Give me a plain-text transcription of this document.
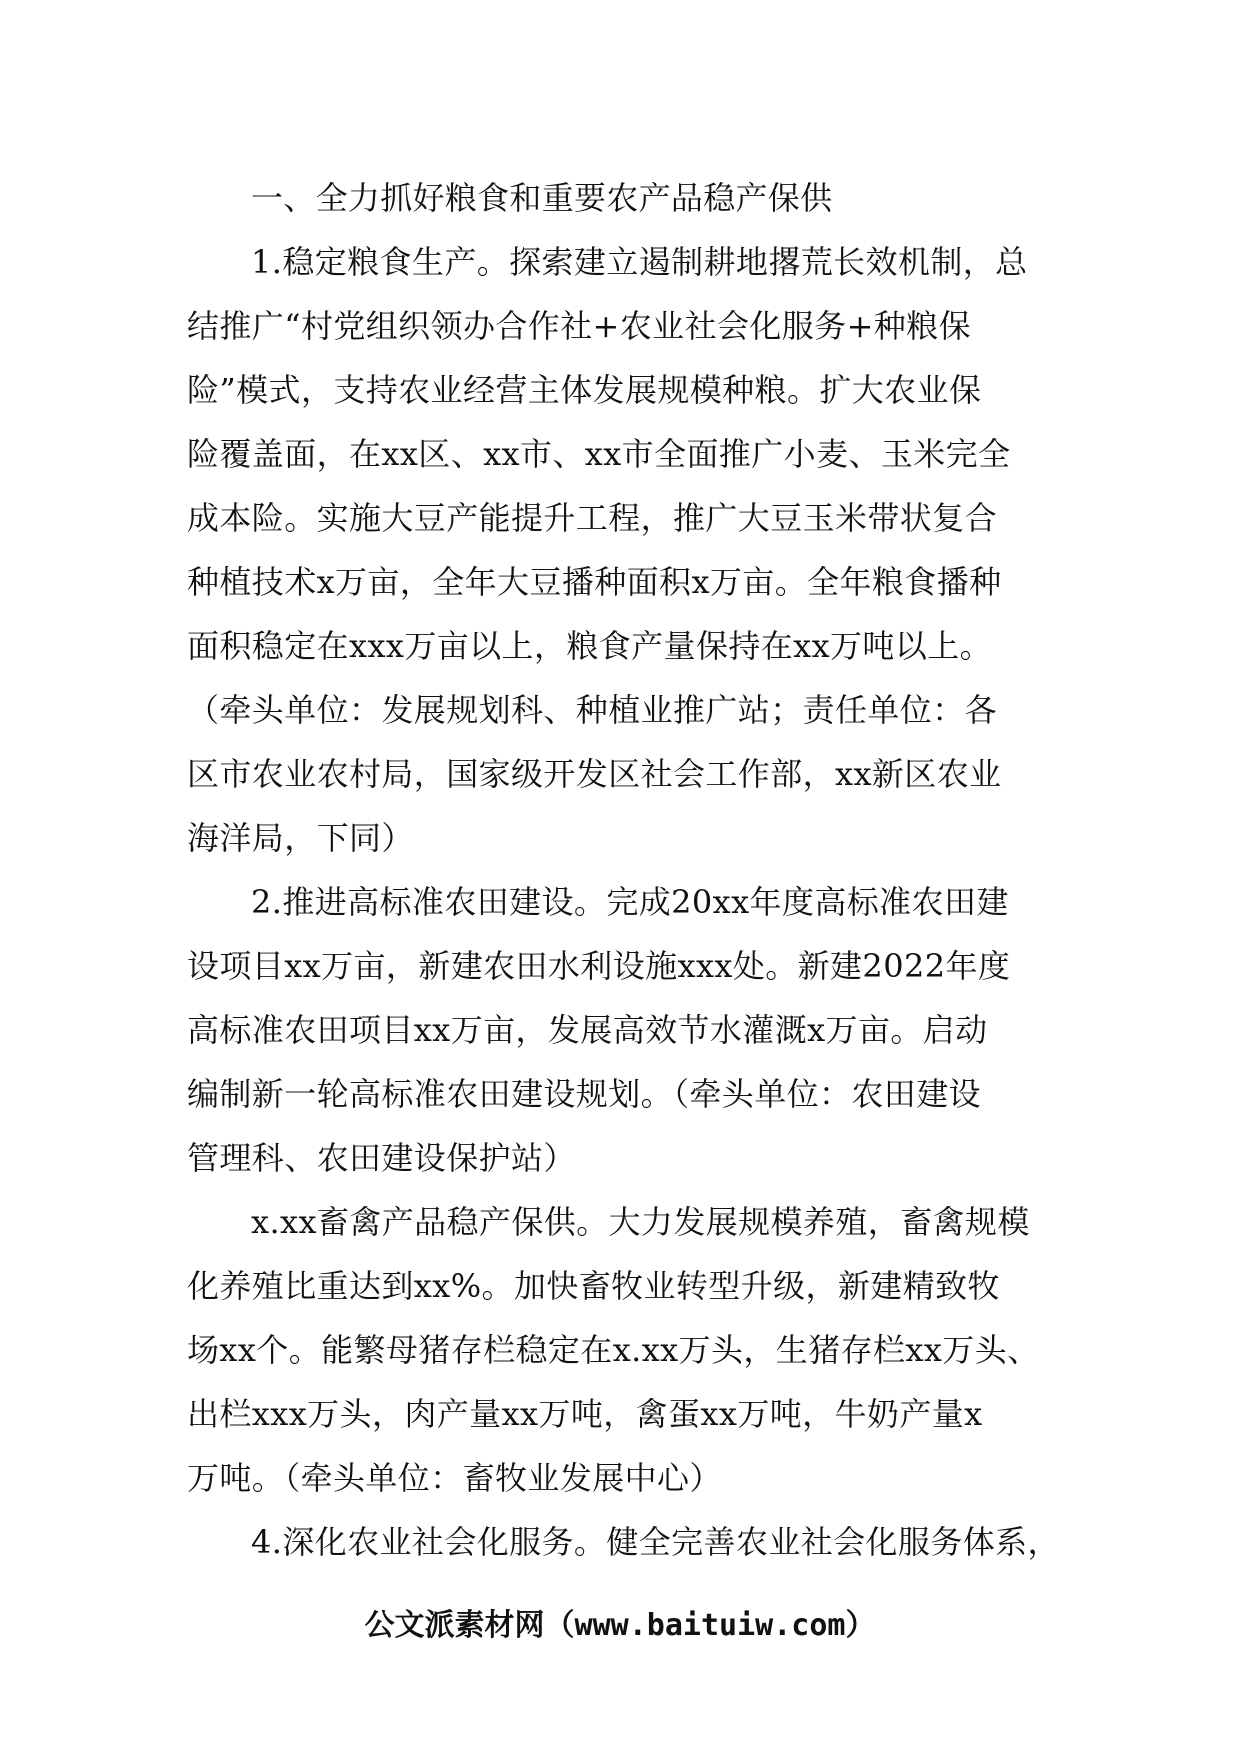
一、全力抓好粮食和重要农产品稳产保供

1.稳定粮食生产。探索建立遏制耕地撂荒长效机制，总
结推广“村党组织领办合作社+农业社会化服务+种粮保
险”模式，支持农业经营主体发展规模种粮。扩大农业保
险覆盖面，在xx区、xx市、xx市全面推广小麦、玉米完全
成本险。实施大豆产能提升工程，推广大豆玉米带状复合
种植技术x万亩，全年大豆播种面积x万亩。全年粮食播种
面积稳定在xxx万亩以上，粮食产量保持在xx万吨以上。
（牵头单位：发展规划科、种植业推广站；责任单位：各
区市农业农村局，国家级开发区社会工作部，xx新区农业
海洋局，下同）

2.推进高标准农田建设。完成20xx年度高标准农田建
设项目xx万亩，新建农田水利设施xxx处。新建2022年度
高标准农田项目xx万亩，发展高效节水灌溉x万亩。启动
编制新一轮高标准农田建设规划。（牵头单位：农田建设
管理科、农田建设保护站）

x.xx畜禽产品稳产保供。大力发展规模养殖，畜禽规模
化养殖比重达到xx%。加快畜牧业转型升级，新建精致牧
场xx个。能繁母猪存栏稳定在x.xx万头，生猪存栏xx万头、
出栏xxx万头，肉产量xx万吨，禽蛋xx万吨，牛奶产量x
万吨。（牵头单位：畜牧业发展中心）

4.深化农业社会化服务。健全完善农业社会化服务体系，

公文派素材网（www.baituiw.com）
